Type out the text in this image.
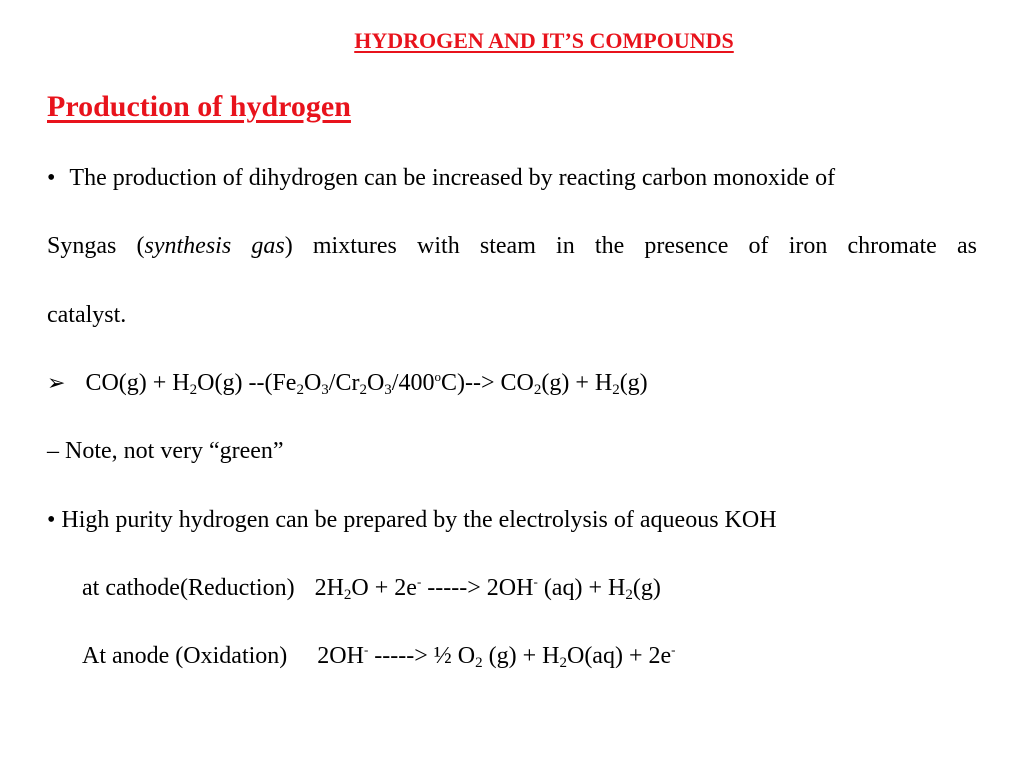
HYDROGEN AND IT’S COMPOUNDS
Production of hydrogen
• The production of dihydrogen can be increased by reacting carbon monoxide of
Syngas (synthesis gas) mixtures with steam in the presence of iron chromate as
catalyst.
➢ $CO(g) + H_2O(g)$ $--(Fe_2O_3/Cr_2O_3/400^oC)--> CO_2(g) + H_2(g)$
– Note, not very “green”
• High purity hydrogen can be prepared by the electrolysis of aqueous KOH
at cathode(Reduction) $2H_2O + 2e^-$ -----> 2OH- $(aq) + H_2(g)$
At anode (Oxidation) 2OH- -----> ½ $O_2$ $(g) + H_2O(aq) + 2e^-$
